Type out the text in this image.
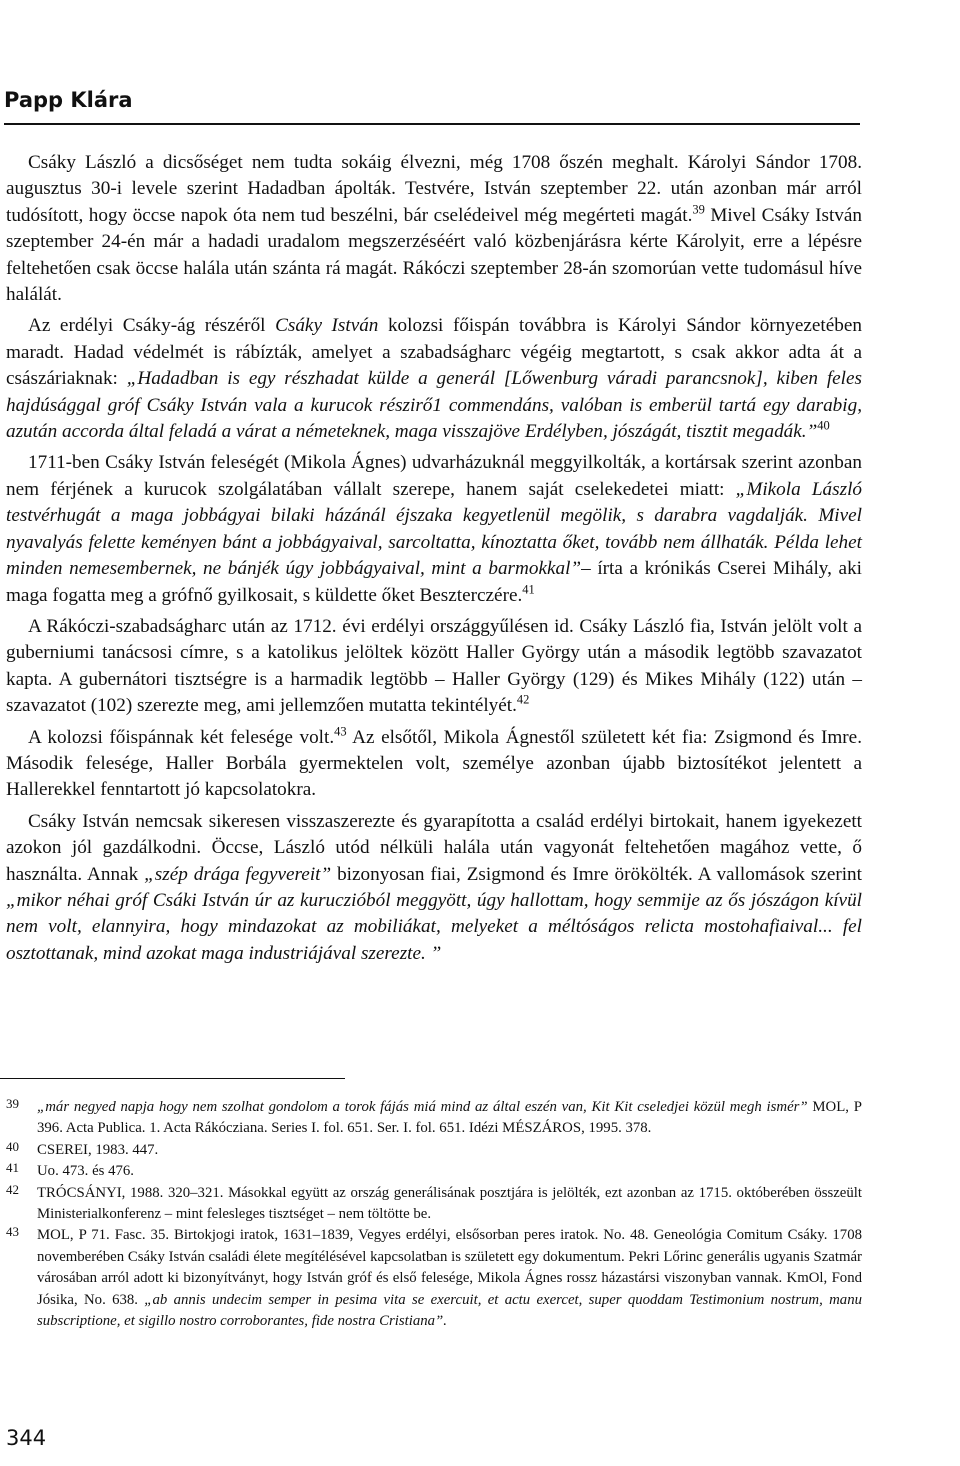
Papp Klára

Csáky László a dicsőséget nem tudta sokáig élvezni, még 1708 őszén meghalt. Károlyi Sándor 1708. augusztus 30-i levele szerint Hadadban ápolták. Testvére, István szeptember 22. után azonban már arról tudósított, hogy öccse napok óta nem tud beszélni, bár cselédeivel még megérteti magát.$^{39}$ Mivel Csáky István szeptember 24-én már a hadadi uradalom megszerzéséért való közbenjárásra kérte Károlyit, erre a lépésre feltehetően csak öccse halála után szánta rá magát. Rákóczi szeptember 28-án szomorúan vette tudomásul híve halálát.

Az erdélyi Csáky-ág részéről Csáky István kolozsi főispán továbbra is Károlyi Sándor környezetében maradt. Hadad védelmét is rábízták, amelyet a szabadságharc végéig megtartott, s csak akkor adta át a császáriaknak: „Hadadban is egy részhadat külde a generál [Lőwenburg váradi parancsnok], kiben feles hajdúsággal gróf Csáky István vala a kurucok részirő1 commendáns, valóban is emberül tartá egy darabig, azután accorda által feladá a várat a németeknek, maga visszajöve Erdélyben, jószágát, tisztit megadák.”$^{40}$

1711-ben Csáky István feleségét (Mikola Ágnes) udvarházuknál meggyilkolták, a kortársak szerint azonban nem férjének a kurucok szolgálatában vállalt szerepe, hanem saját cselekedetei miatt: „Mikola László testvérhugát a maga jobbágyai bilaki házánál éjszaka kegyetlenül megölik, s darabra vagdalják. Mivel nyavalyás felette keményen bánt a jobbágyaival, sarcoltatta, kínoztatta őket, tovább nem állhaták. Példa lehet minden nemesembernek, ne bánjék úgy jobbágyaival, mint a barmokkal”– írta a krónikás Cserei Mihály, aki maga fogatta meg a grófnő gyilkosait, s küldette őket Beszterczére.$^{41}$

A Rákóczi-szabadságharc után az 1712. évi erdélyi országgyűlésen id. Csáky László fia, István jelölt volt a guberniumi tanácsosi címre, s a katolikus jelöltek között Haller György után a második legtöbb szavazatot kapta. A gubernátori tisztségre is a harmadik legtöbb – Haller György (129) és Mikes Mihály (122) után – szavazatot (102) szerezte meg, ami jellemzően mutatta tekintélyét.$^{42}$

A kolozsi főispánnak két felesége volt.$^{43}$ Az elsőtől, Mikola Ágnestől született két fia: Zsigmond és Imre. Második felesége, Haller Borbála gyermektelen volt, személye azonban újabb biztosítékot jelentett a Hallerekkel fenntartott jó kapcsolatokra.

Csáky István nemcsak sikeresen visszaszerezte és gyarapította a család erdélyi birtokait, hanem igyekezett azokon jól gazdálkodni. Öccse, László utód nélküli halála után vagyonát feltehetően magához vette, ő használta. Annak „szép drága fegyvereit” bizonyosan fiai, Zsigmond és Imre örökölték. A vallomások szerint „mikor néhai gróf Csáki István úr az kuruczióból meggyött, úgy hallottam, hogy semmije az ős jószágon kívül nem volt, elannyira, hogy mindazokat az mobiliákat, melyeket a méltóságos relicta mostohafiaival... fel osztottanak, mind azokat maga industriájával szerezte. ”

39	„már negyed napja hogy nem szolhat gondolom a torok fájás miá mind az által eszén van, Kit Kit cseledjei közül megh ismér” MOL, P 396. Acta Publica. 1. Acta Rákócziana. Series I. fol. 651. Ser. I. fol. 651. Idézi MÉSZÁROS, 1995. 378.
40	CSEREI, 1983. 447.
41	Uo. 473. és 476.
42	TRÓCSÁNYI, 1988. 320–321. Másokkal együtt az ország generálisának posztjára is jelölték, ezt azonban az 1715. októberében összeült Ministerialkonferenz – mint felesleges tisztséget – nem töltötte be.
43	MOL, P 71. Fasc. 35. Birtokjogi iratok, 1631–1839, Vegyes erdélyi, elsősorban peres iratok. No. 48. Geneológia Comitum Csáky. 1708 novemberében Csáky István családi élete megítélésével kapcsolatban is született egy dokumentum. Pekri Lőrinc generális ugyanis Szatmár városában arról adott ki bizonyítványt, hogy István gróf és első felesége, Mikola Ágnes rossz házastársi viszonyban vannak. KmOl, Fond Jósika, No. 638. „ab annis undecim semper in pesima vita se exercuit, et actu exercet, super quoddam Testimonium nostrum, manu subscriptione, et sigillo nostro corroborantes, fide nostra Cristiana”.
344
